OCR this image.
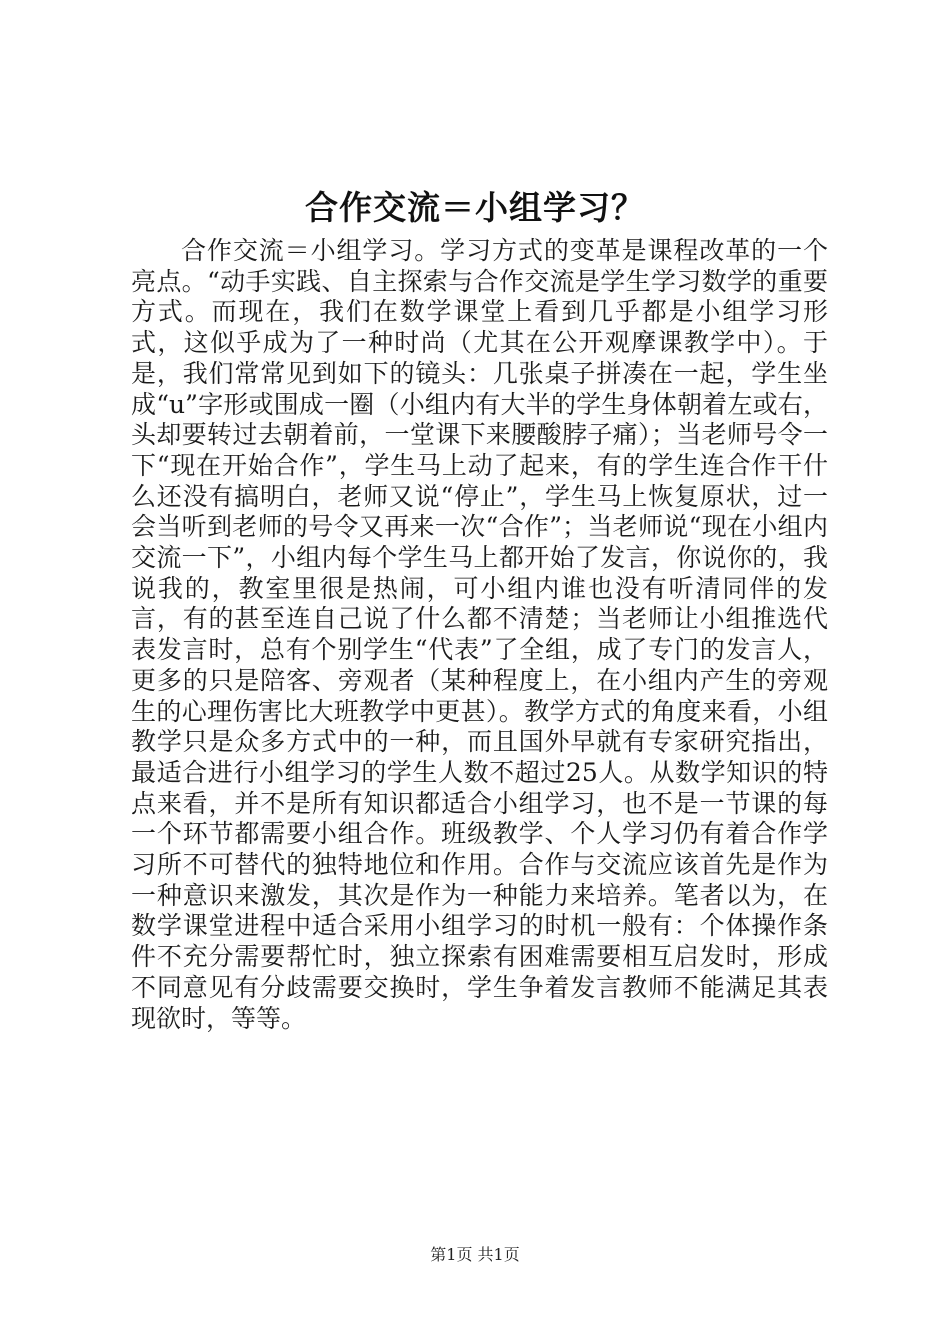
合作交流＝小组学习？

合作交流＝小组学习。学习方式的变革是课程改革的一个亮点。“动手实践、自主探索与合作交流是学生学习数学的重要方式。而现在，我们在数学课堂上看到几乎都是小组学习形式，这似乎成为了一种时尚（尤其在公开观摩课教学中）。于是，我们常常见到如下的镜头：几张桌子拼凑在一起，学生坐成“u”字形或围成一圈（小组内有大半的学生身体朝着左或右，头却要转过去朝着前，一堂课下来腰酸脖子痛）；当老师号令一下“现在开始合作”，学生马上动了起来，有的学生连合作干什么还没有搞明白，老师又说“停止”，学生马上恢复原状，过一会当听到老师的号令又再来一次“合作”；当老师说“现在小组内交流一下”，小组内每个学生马上都开始了发言，你说你的，我说我的，教室里很是热闹，可小组内谁也没有听清同伴的发言，有的甚至连自己说了什么都不清楚；当老师让小组推选代表发言时，总有个别学生“代表”了全组，成了专门的发言人，更多的只是陪客、旁观者（某种程度上，在小组内产生的旁观生的心理伤害比大班教学中更甚）。教学方式的角度来看，小组教学只是众多方式中的一种，而且国外早就有专家研究指出，最适合进行小组学习的学生人数不超过25人。从数学知识的特点来看，并不是所有知识都适合小组学习，也不是一节课的每一个环节都需要小组合作。班级教学、个人学习仍有着合作学习所不可替代的独特地位和作用。合作与交流应该首先是作为一种意识来激发，其次是作为一种能力来培养。笔者以为，在数学课堂进程中适合采用小组学习的时机一般有：个体操作条件不充分需要帮忙时，独立探索有困难需要相互启发时，形成不同意见有分歧需要交换时，学生争着发言教师不能满足其表现欲时，等等。

第1页 共1页
